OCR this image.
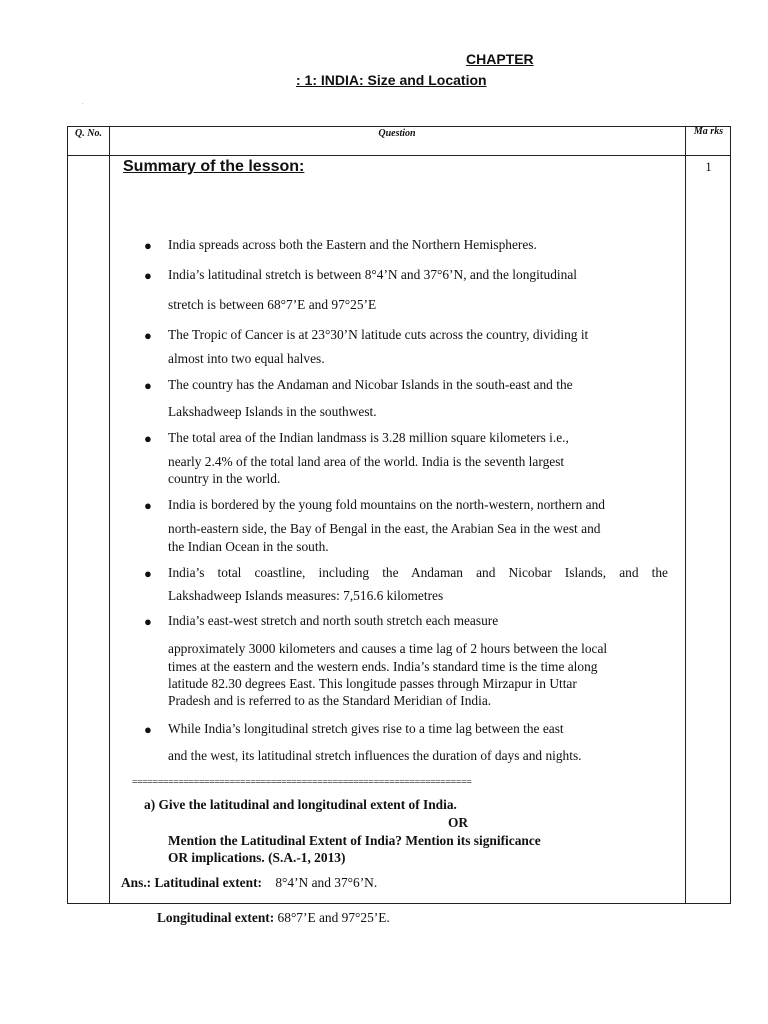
CHAPTER
: 1: INDIA: Size and Location
.
Q. No.	Question	Ma rks
1
Summary of the lesson:
● India spreads across both the Eastern and the Northern Hemispheres.
● India’s latitudinal stretch is between 8°4’N and 37°6’N, and the longitudinal
stretch is between 68°7’E and 97°25’E
● The Tropic of Cancer is at 23°30’N latitude cuts across the country, dividing it
almost into two equal halves.
● The country has the Andaman and Nicobar Islands in the south-east and the
Lakshadweep Islands in the southwest.
● The total area of the Indian landmass is 3.28 million square kilometers i.e.,
nearly 2.4% of the total land area of the world. India is the seventh largest
country in the world.
● India is bordered by the young fold mountains on the north-western, northern and
north-eastern side, the Bay of Bengal in the east, the Arabian Sea in the west and
the Indian Ocean in the south.
● India’s total coastline, including the Andaman and Nicobar Islands, and the
Lakshadweep Islands measures: 7,516.6 kilometres
● India’s east-west stretch and north south stretch each measure
approximately 3000 kilometers and causes a time lag of 2 hours between the local
times at the eastern and the western ends. India’s standard time is the time along
latitude 82.30 degrees East. This longitude passes through Mirzapur in Uttar
Pradesh and is referred to as the Standard Meridian of India.
● While India’s longitudinal stretch gives rise to a time lag between the east
and the west, its latitudinal stretch influences the duration of days and nights.
==================================================================
a) Give the latitudinal and longitudinal extent of India.
OR
Mention the Latitudinal Extent of India? Mention its significance
OR implications. (S.A.-1, 2013)
Ans.: Latitudinal extent: 8°4’N and 37°6’N.
Longitudinal extent: 68°7’E and 97°25’E.
